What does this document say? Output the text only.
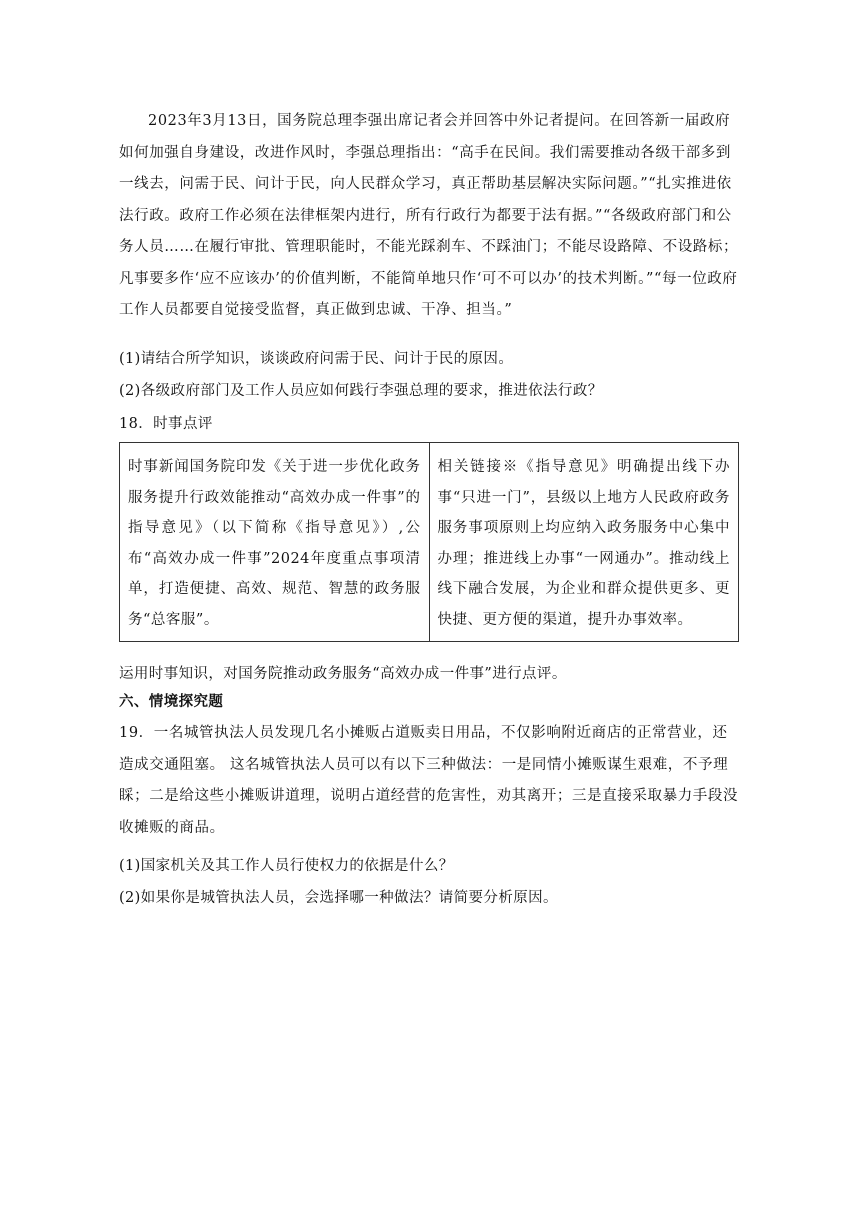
2023年3月13日，国务院总理李强出席记者会并回答中外记者提问。在回答新一届政府如何加强自身建设，改进作风时，李强总理指出：“高手在民间。我们需要推动各级干部多到一线去，问需于民、问计于民，向人民群众学习，真正帮助基层解决实际问题。”“扎实推进依法行政。政府工作必须在法律框架内进行，所有行政行为都要于法有据。”“各级政府部门和公务人员……在履行审批、管理职能时，不能光踩刹车、不踩油门；不能尽设路障、不设路标；凡事要多作‘应不应该办’的价值判断，不能简单地只作‘可不可以办’的技术判断。”“每一位政府工作人员都要自觉接受监督，真正做到忠诚、干净、担当。”
(1)请结合所学知识，谈谈政府问需于民、问计于民的原因。
(2)各级政府部门及工作人员应如何践行李强总理的要求，推进依法行政？
18．时事点评
时事新闻国务院印发《关于进一步优化政务服务提升行政效能推动“高效办成一件事”的指导意见》（以下简称《指导意见》）,公布“高效办成一件事”2024年度重点事项清单，打造便捷、高效、规范、智慧的政务服务“总客服”。	相关链接※《指导意见》明确提出线下办事“只进一门”，县级以上地方人民政府政务服务事项原则上均应纳入政务服务中心集中办理；推进线上办事“一网通办”。推动线上线下融合发展，为企业和群众提供更多、更快捷、更方便的渠道，提升办事效率。
运用时事知识，对国务院推动政务服务“高效办成一件事”进行点评。
六、情境探究题
19．一名城管执法人员发现几名小摊贩占道贩卖日用品，不仅影响附近商店的正常营业，还造成交通阻塞。 这名城管执法人员可以有以下三种做法：一是同情小摊贩谋生艰难，不予理睬；二是给这些小摊贩讲道理，说明占道经营的危害性，劝其离开；三是直接采取暴力手段没收摊贩的商品。
(1)国家机关及其工作人员行使权力的依据是什么？
(2)如果你是城管执法人员，会选择哪一种做法？请简要分析原因。
